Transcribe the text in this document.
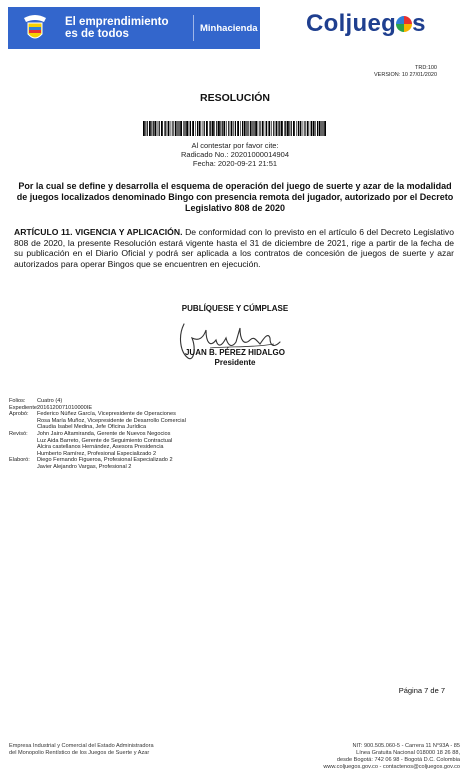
El emprendimiento
es de todos	Minhacienda Coljueg s
TRD:100
VERSION: 10 27/01/2020
RESOLUCIÓN
Al contestar por favor cite:
Radicado No.: 20201000014904
Fecha: 2020-09-21 21:51
Por la cual se define y desarrolla el esquema de operación del juego de suerte y azar de la modalidad de juegos localizados denominado Bingo con presencia remota del jugador, autorizado por el Decreto Legislativo 808 de 2020
ARTÍCULO 11. VIGENCIA Y APLICACIÓN. De conformidad con lo previsto en el artículo 6 del Decreto Legislativo 808 de 2020, la presente Resolución estará vigente hasta el 31 de diciembre de 2021, rige a partir de la fecha de su publicación en el Diario Oficial y podrá ser aplicada a los contratos de concesión de juegos de suerte y azar autorizados para operar Bingos que se encuentren en ejecución.
PUBLÍQUESE Y CÚMPLASE
JUAN B. PÉREZ HIDALGO
Presidente
Folios:	Cuatro (4)
Expediente:
2016120071010000IE
Aprobó:	Federico Núñez García, Vicepresidente de Operaciones
Rosa María Muñoz, Vicepresidente de Desarrollo Comercial
Claudia Isabel Medina, Jefe Oficina Jurídica
Revisó:	John Jairo Altamiranda, Gerente de Nuevos Negocios
Luz Aida Barreto, Gerente de Seguimiento Contractual
Alcira castellanos Hernández, Asesora Presidencia
Humberto Ramírez, Profesional Especializado 2
Elaboró:	Diego Fernando Figueroa, Profesional Especializado 2
Javier Alejandro Vargas, Profesional 2
Página 7 de 7
Empresa Industrial y Comercial del Estado Administradora
del Monopolio Rentístico de los Juegos de Suerte y Azar
NIT: 900.505.060-5 - Carrera 11 N°93A - 85
Línea Gratuita Nacional 018000 18 26 88,
desde Bogotá: 742 06 98 - Bogotá D.C. Colombia
www.coljuegos.gov.co - contactenos@coljuegos.gov.co
